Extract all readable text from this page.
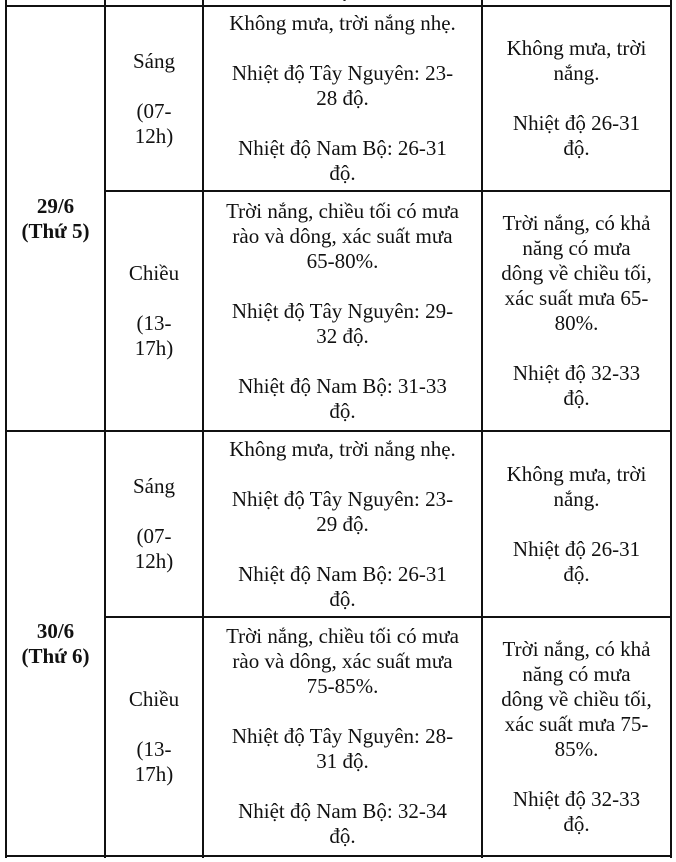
29/6

(Thứ 5)

Sáng

(07-

12h)

Không mưa, trời nắng nhẹ.

Nhiệt độ Tây Nguyên: 23-

28 độ.

Nhiệt độ Nam Bộ: 26-31

độ.

Không mưa, trời

nắng.

Nhiệt độ 26-31

độ.

Chiều

(13-

17h)

Trời nắng, chiều tối có mưa

rào và dông, xác suất mưa

65-80%.

Nhiệt độ Tây Nguyên: 29-

32 độ.

Nhiệt độ Nam Bộ: 31-33

độ.

Trời nắng, có khả

năng có mưa

dông về chiều tối,

xác suất mưa 65-

80%.

Nhiệt độ 32-33

độ.

30/6

(Thứ 6)

Sáng

(07-

12h)

Không mưa, trời nắng nhẹ.

Nhiệt độ Tây Nguyên: 23-

29 độ.

Nhiệt độ Nam Bộ: 26-31

độ.

Không mưa, trời

nắng.

Nhiệt độ 26-31

độ.

Chiều

(13-

17h)

Trời nắng, chiều tối có mưa

rào và dông, xác suất mưa

75-85%.

Nhiệt độ Tây Nguyên: 28-

31 độ.

Nhiệt độ Nam Bộ: 32-34

độ.

Trời nắng, có khả

năng có mưa

dông về chiều tối,

xác suất mưa 75-

85%.

Nhiệt độ 32-33

độ.
